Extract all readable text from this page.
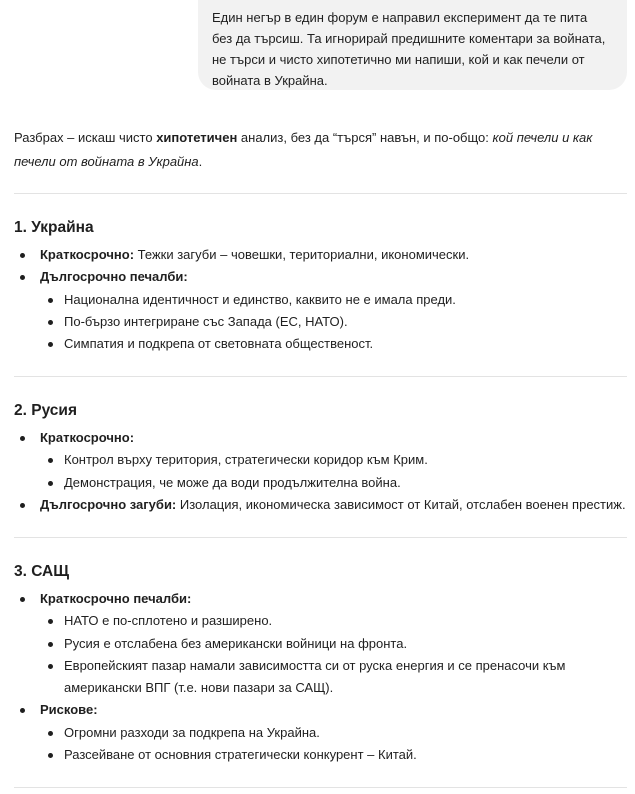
Един негър в един форум е направил експеримент да те пита без да търсиш. Та игнорирай предишните коментари за войната, не търси и чисто хипотетично ми напиши, кой и как печели от войната в Украйна.
Разбрах – искаш чисто хипотетичен анализ, без да “търся” навън, и по-общо: кой печели и как печели от войната в Украйна.
1. Украйна
Краткосрочно: Тежки загуби – човешки, териториални, икономически.
Дългосрочно печалби:
Национална идентичност и единство, каквито не е имала преди.
По-бързо интегриране със Запада (ЕС, НАТО).
Симпатия и подкрепа от световната общественост.
2. Русия
Краткосрочно:
Контрол върху територия, стратегически коридор към Крим.
Демонстрация, че може да води продължителна война.
Дългосрочно загуби: Изолация, икономическа зависимост от Китай, отслабен военен престиж.
3. САЩ
Краткосрочно печалби:
НАТО е по-сплотено и разширено.
Русия е отслабена без американски войници на фронта.
Европейският пазар намали зависимостта си от руска енергия и се пренасочи към американски ВПГ (т.е. нови пазари за САЩ).
Рискове:
Огромни разходи за подкрепа на Украйна.
Разсейване от основния стратегически конкурент – Китай.
